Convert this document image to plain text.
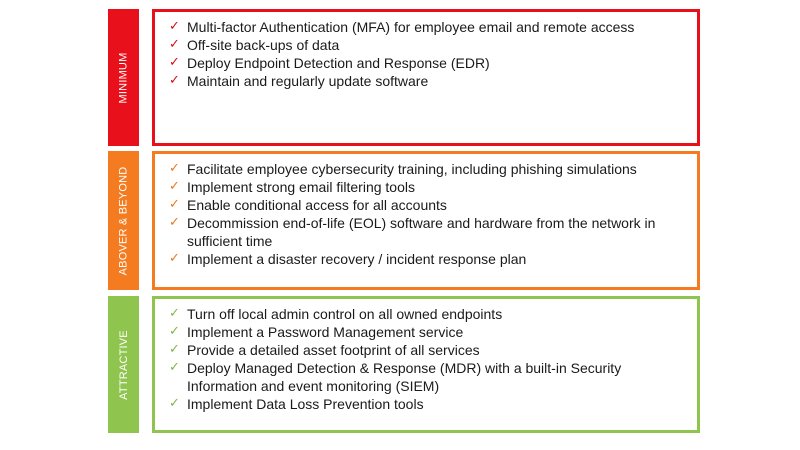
MINIMUM
✓ Multi-factor Authentication (MFA) for employee email and remote access
✓ Off-site back-ups of data
✓ Deploy Endpoint Detection and Response (EDR)
✓ Maintain and regularly update software
ABOVER & BEYOND	✓ Facilitate employee cybersecurity training, including phishing simulations
✓ Implement strong email filtering tools
✓ Enable conditional access for all accounts
✓ Decommission end-of-life (EOL) software and hardware from the network in sufficient time
✓ Implement a disaster recovery / incident response plan
ATTRACTIVE
✓ Turn off local admin control on all owned endpoints
✓ Implement a Password Management service
✓ Provide a detailed asset footprint of all services
✓ Deploy Managed Detection & Response (MDR) with a built-in Security Information and event monitoring (SIEM)
✓ Implement Data Loss Prevention tools
